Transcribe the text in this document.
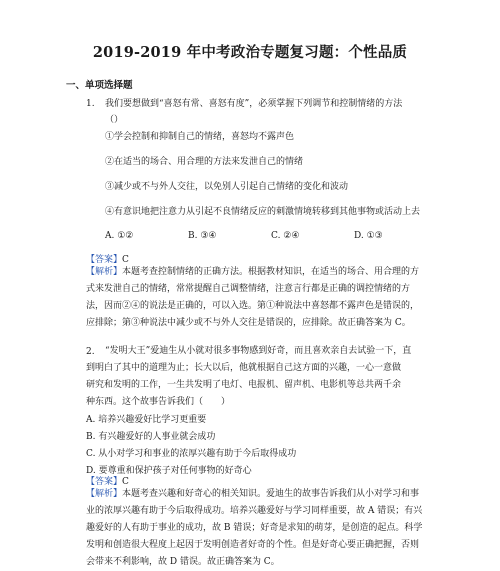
2019-2019 年中考政治专题复习题：个性品质
一、单项选择题
1. 我们要想做到“喜怒有常、喜怒有度”，必须掌握下列调节和控制情绪的方法
（）
①学会控制和抑制自己的情绪，喜怒均不露声色
②在适当的场合、用合理的方法来发泄自己的情绪
③减少或不与外人交往，以免别人引起自己情绪的变化和波动
④有意识地把注意力从引起不良情绪反应的刺激情境转移到其他事物或活动上去
A. ①②	B. ③④	C. ②④	D. ①③
【答案】C
【解析】本题考查控制情绪的正确方法。根据教材知识，在适当的场合、用合理的方
式来发泄自己的情绪，常常提醒自己调整情绪，注意言行都是正确的调控情绪的方
法，因而②④的说法是正确的，可以入选。第①种说法中喜怒都不露声色是错误的，
应排除；第③种说法中减少或不与外人交往是错误的，应排除。故正确答案为 C。
2. “发明大王”爱迪生从小就对很多事物感到好奇，而且喜欢亲自去试验一下，直
到明白了其中的道理为止；长大以后，他就根据自己这方面的兴趣，一心一意做
研究和发明的工作，一生共发明了电灯、电报机、留声机、电影机等总共两千余
种东西。这个故事告诉我们（　　）
A. 培养兴趣爱好比学习更重要
B. 有兴趣爱好的人事业就会成功
C. 从小对学习和事业的浓厚兴趣有助于今后取得成功
D. 要尊重和保护孩子对任何事物的好奇心
【答案】C
【解析】本题考查兴趣和好奇心的相关知识。爱迪生的故事告诉我们从小对学习和事
业的浓厚兴趣有助于今后取得成功。培养兴趣爱好与学习同样重要，故 A 错误；有兴
趣爱好的人有助于事业的成功，故 B 错误；好奇是求知的萌芽，是创造的起点。科学
发明和创造很大程度上起因于发明创造者好奇的个性。但是好奇心要正确把握，否则
会带来不利影响，故 D 错误。故正确答案为 C。
